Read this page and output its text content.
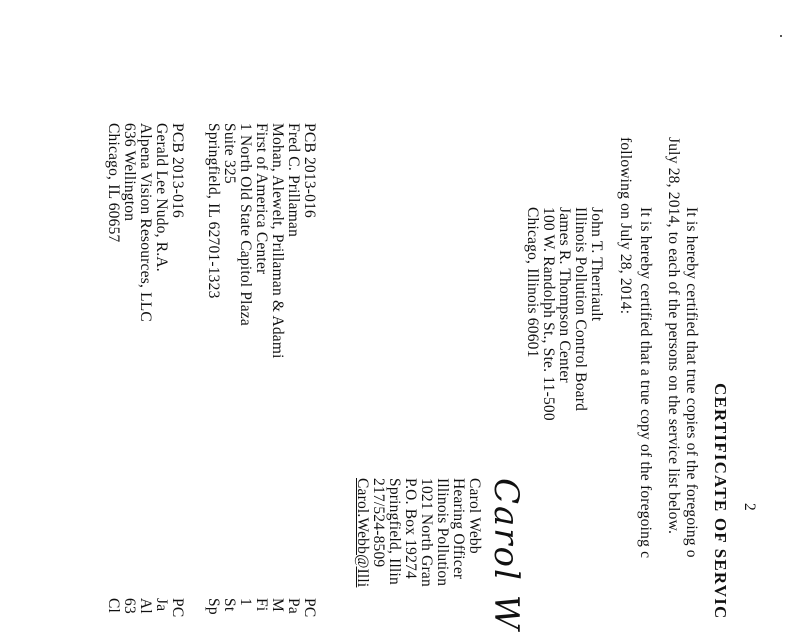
2
CERTIFICATE OF SERVIC
It is hereby certified that true copies of the foregoing o
July 28, 2014, to each of the persons on the service list below.
It is hereby certified that a true copy of the foregoing c
following on July 28, 2014:
John T. Therriault
Illinois Pollution Control Board
James R. Thompson Center
100 W. Randolph St., Ste. 11-500
Chicago, Illinois 60601
Carol W
Carol Webb
Hearing Officer
Illinois Pollution
1021 North Gran
P.O. Box 19274
Springfield, Illin
217/524-8509
Carol.Webb@Illi
PCB 2013-016
Fred C. Prillaman
Mohan, Alewelt, Prillaman & Adami
First of America Center
1 North Old State Capitol Plaza
Suite 325
Springfield, IL 62701-1323
PCB 2013-016
Gerald Lee Nudo, R.A.
Alpena Vision Resources, LLC
636 Wellington
Chicago, IL 60657
PC
Pa
M
Fi
1
St
Sp
PC
Ja
Al
63
Cl
